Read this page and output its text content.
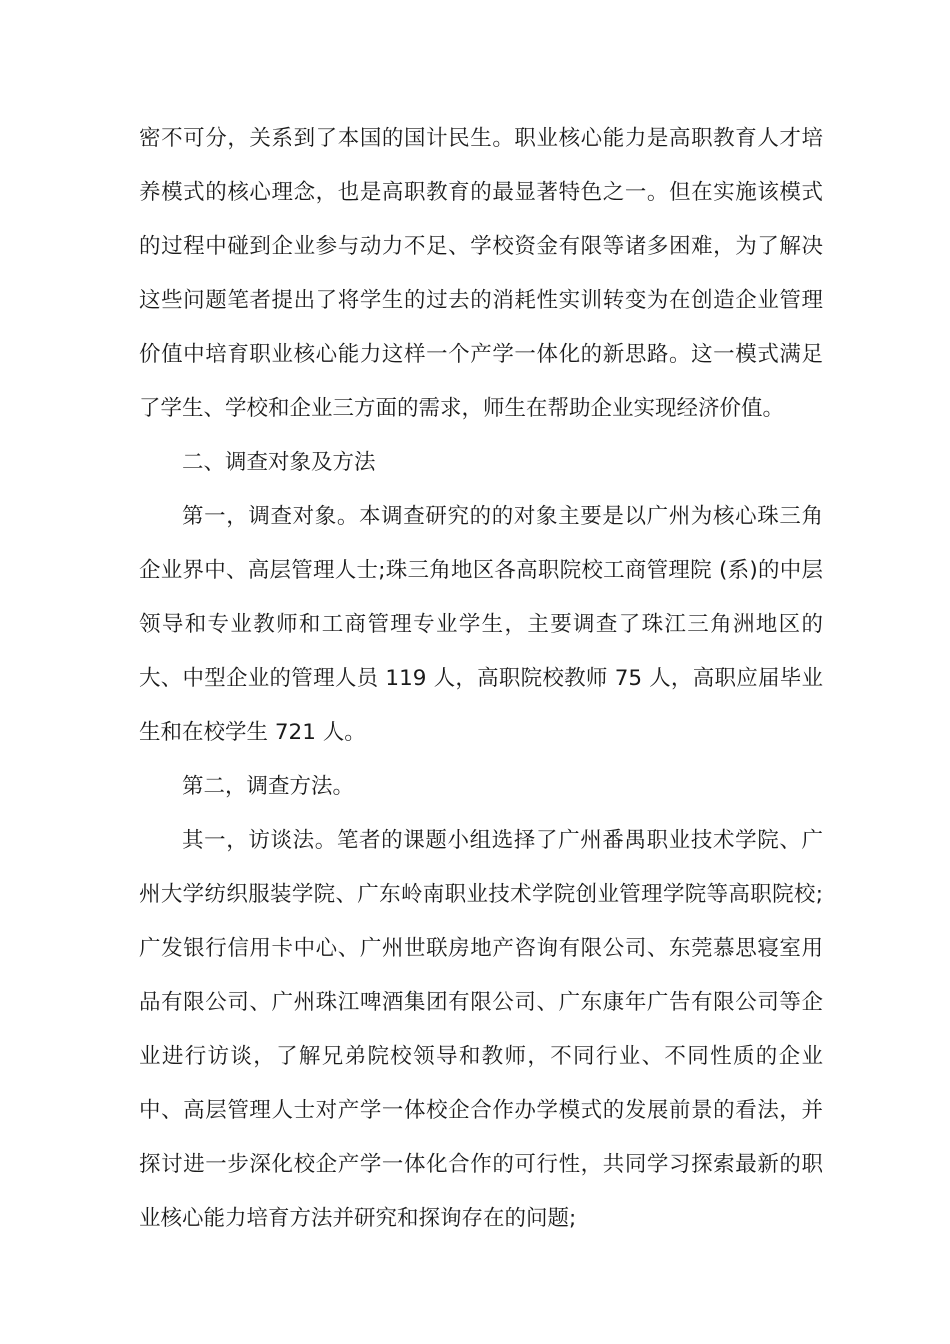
密不可分，关系到了本国的国计民生。职业核心能力是高职教育人才培养模式的核心理念，也是高职教育的最显著特色之一。但在实施该模式的过程中碰到企业参与动力不足、学校资金有限等诸多困难，为了解决这些问题笔者提出了将学生的过去的消耗性实训转变为在创造企业管理价值中培育职业核心能力这样一个产学一体化的新思路。这一模式满足了学生、学校和企业三方面的需求，师生在帮助企业实现经济价值。

二、调查对象及方法

第一，调查对象。本调查研究的的对象主要是以广州为核心珠三角企业界中、高层管理人士;珠三角地区各高职院校工商管理院 (系)的中层领导和专业教师和工商管理专业学生，主要调查了珠江三角洲地区的大、中型企业的管理人员 119 人，高职院校教师 75 人，高职应届毕业生和在校学生 721 人。

第二，调查方法。

其一，访谈法。笔者的课题小组选择了广州番禺职业技术学院、广州大学纺织服装学院、广东岭南职业技术学院创业管理学院等高职院校;广发银行信用卡中心、广州世联房地产咨询有限公司、东莞慕思寝室用品有限公司、广州珠江啤酒集团有限公司、广东康年广告有限公司等企业进行访谈，了解兄弟院校领导和教师，不同行业、不同性质的企业中、高层管理人士对产学一体校企合作办学模式的发展前景的看法，并探讨进一步深化校企产学一体化合作的可行性，共同学习探索最新的职业核心能力培育方法并研究和探询存在的问题;
